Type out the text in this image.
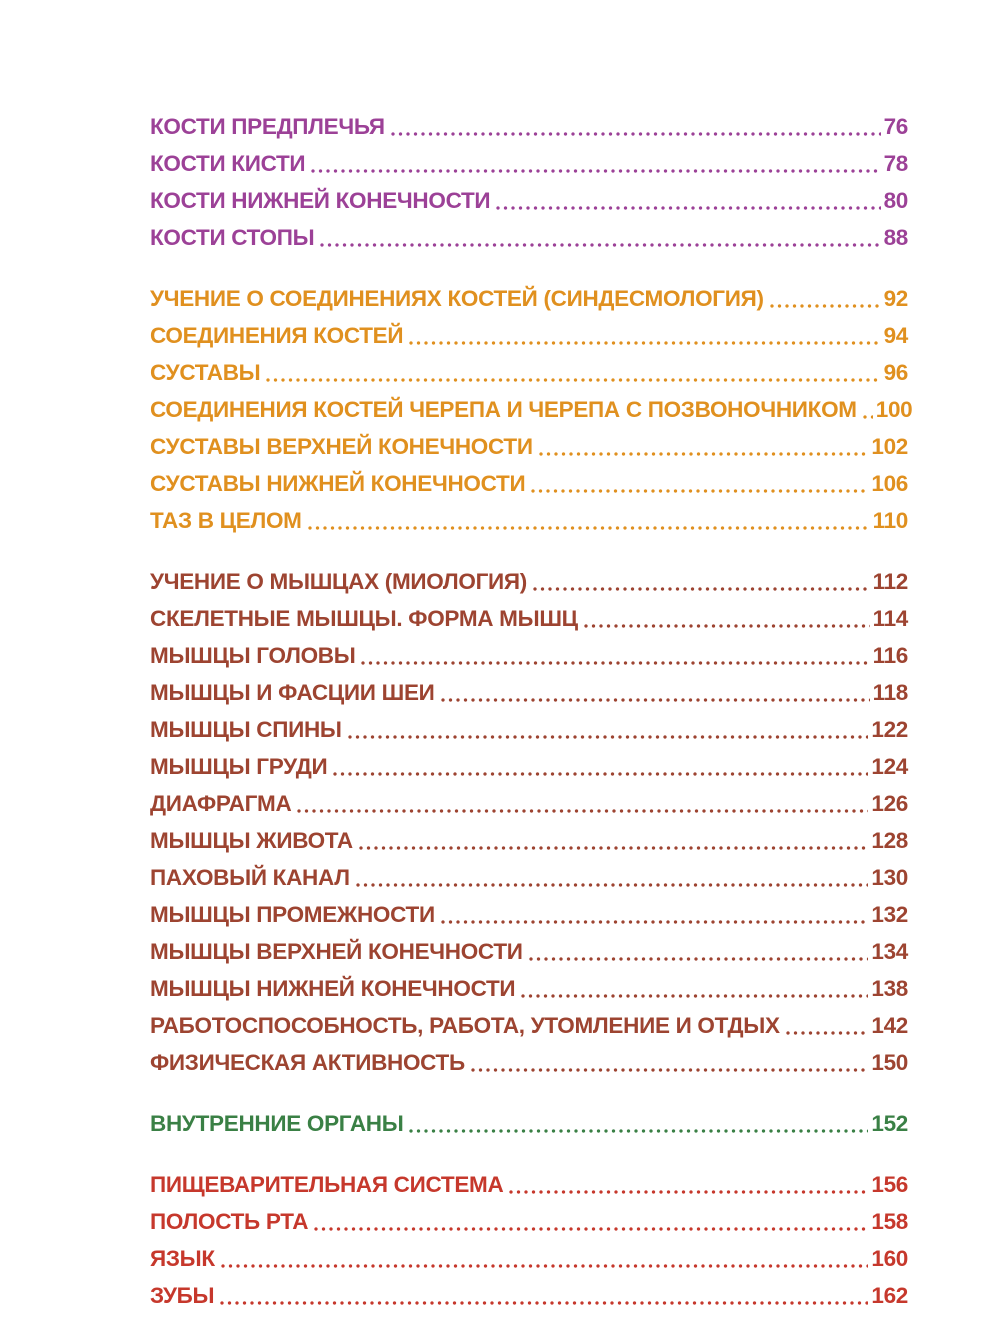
КОСТИ ПРЕДПЛЕЧЬЯ	76
КОСТИ КИСТИ	78
КОСТИ НИЖНЕЙ КОНЕЧНОСТИ	80
КОСТИ СТОПЫ	88
УЧЕНИЕ О СОЕДИНЕНИЯХ КОСТЕЙ (СИНДЕСМОЛОГИЯ)	92
СОЕДИНЕНИЯ КОСТЕЙ	94
СУСТАВЫ	96
СОЕДИНЕНИЯ КОСТЕЙ ЧЕРЕПА И ЧЕРЕПА С ПОЗВОНОЧНИКОМ 100
СУСТАВЫ ВЕРХНЕЙ КОНЕЧНОСТИ	102
СУСТАВЫ НИЖНЕЙ КОНЕЧНОСТИ	106
ТАЗ В ЦЕЛОМ	110
УЧЕНИЕ О МЫШЦАХ (МИОЛОГИЯ)	112
СКЕЛЕТНЫЕ МЫШЦЫ. ФОРМА МЫШЦ	114
МЫШЦЫ ГОЛОВЫ	116
МЫШЦЫ И ФАСЦИИ ШЕИ	118
МЫШЦЫ СПИНЫ	122
МЫШЦЫ ГРУДИ	124
ДИАФРАГМА	126
МЫШЦЫ ЖИВОТА	128
ПАХОВЫЙ КАНАЛ	130
МЫШЦЫ ПРОМЕЖНОСТИ	132
МЫШЦЫ ВЕРХНЕЙ КОНЕЧНОСТИ	134
МЫШЦЫ НИЖНЕЙ КОНЕЧНОСТИ	138
РАБОТОСПОСОБНОСТЬ, РАБОТА, УТОМЛЕНИЕ И ОТДЫХ	142
ФИЗИЧЕСКАЯ АКТИВНОСТЬ	150
ВНУТРЕННИЕ ОРГАНЫ	152
ПИЩЕВАРИТЕЛЬНАЯ СИСТЕМА	156
ПОЛОСТЬ РТА	158
ЯЗЫК	160
ЗУБЫ	162
